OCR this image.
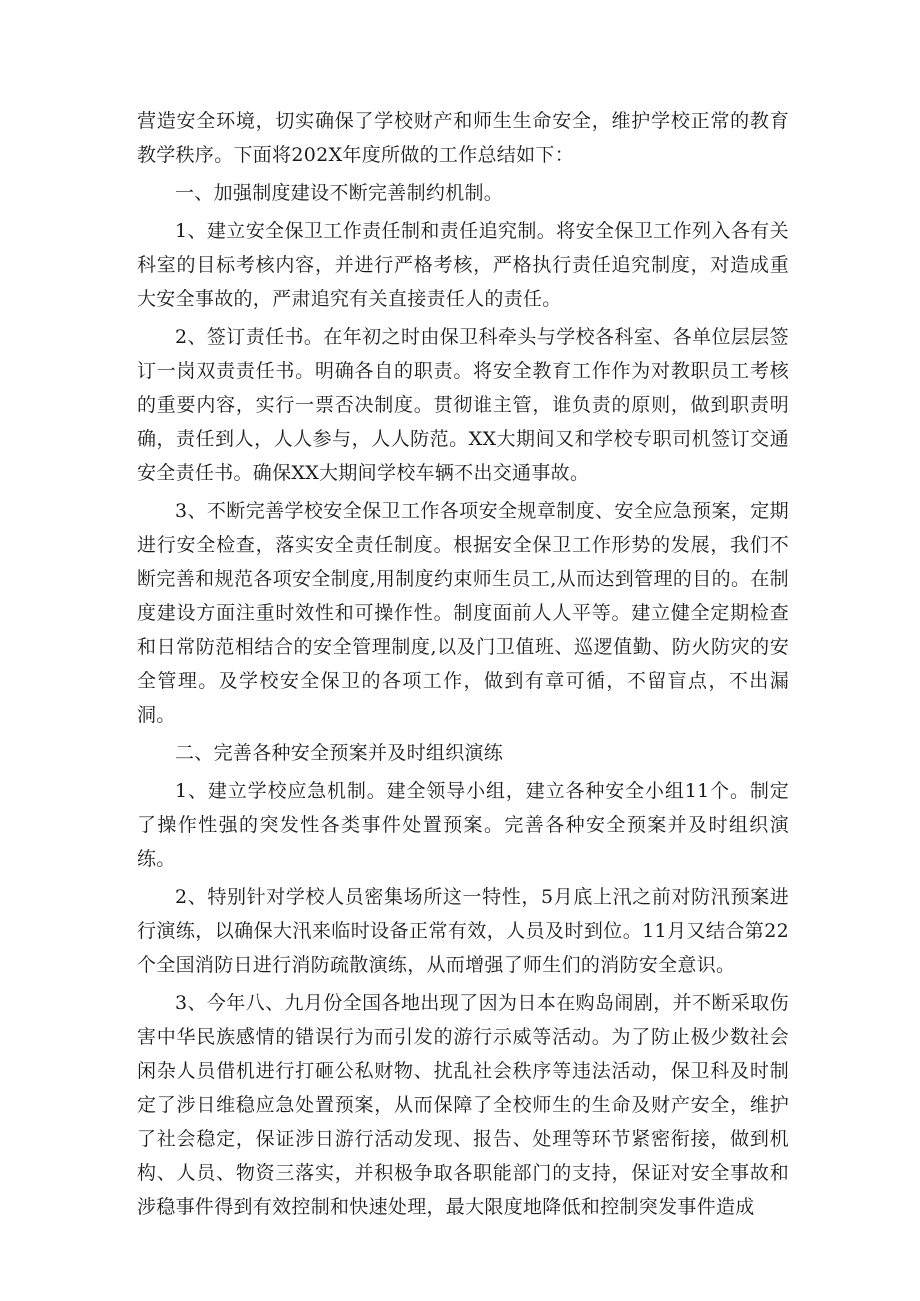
营造安全环境，切实确保了学校财产和师生生命安全，维护学校正常的教育教学秩序。下面将202X年度所做的工作总结如下：

一、加强制度建设不断完善制约机制。

1、建立安全保卫工作责任制和责任追究制。将安全保卫工作列入各有关科室的目标考核内容，并进行严格考核，严格执行责任追究制度，对造成重大安全事故的，严肃追究有关直接责任人的责任。

2、签订责任书。在年初之时由保卫科牵头与学校各科室、各单位层层签订一岗双责责任书。明确各自的职责。将安全教育工作作为对教职员工考核的重要内容，实行一票否决制度。贯彻谁主管，谁负责的原则，做到职责明确，责任到人，人人参与，人人防范。XX大期间又和学校专职司机签订交通安全责任书。确保XX大期间学校车辆不出交通事故。

3、不断完善学校安全保卫工作各项安全规章制度、安全应急预案，定期进行安全检查，落实安全责任制度。根据安全保卫工作形势的发展，我们不断完善和规范各项安全制度,用制度约束师生员工,从而达到管理的目的。在制度建设方面注重时效性和可操作性。制度面前人人平等。建立健全定期检查和日常防范相结合的安全管理制度,以及门卫值班、巡逻值勤、防火防灾的安全管理。及学校安全保卫的各项工作，做到有章可循，不留盲点，不出漏洞。

二、完善各种安全预案并及时组织演练

1、建立学校应急机制。建全领导小组，建立各种安全小组11个。制定了操作性强的突发性各类事件处置预案。完善各种安全预案并及时组织演练。

2、特别针对学校人员密集场所这一特性，5月底上汛之前对防汛预案进行演练，以确保大汛来临时设备正常有效，人员及时到位。11月又结合第22个全国消防日进行消防疏散演练，从而增强了师生们的消防安全意识。

3、今年八、九月份全国各地出现了因为日本在购岛闹剧，并不断采取伤害中华民族感情的错误行为而引发的游行示威等活动。为了防止极少数社会闲杂人员借机进行打砸公私财物、扰乱社会秩序等违法活动，保卫科及时制定了涉日维稳应急处置预案，从而保障了全校师生的生命及财产安全，维护了社会稳定，保证涉日游行活动发现、报告、处理等环节紧密衔接，做到机构、人员、物资三落实，并积极争取各职能部门的支持，保证对安全事故和涉稳事件得到有效控制和快速处理，最大限度地降低和控制突发事件造成
